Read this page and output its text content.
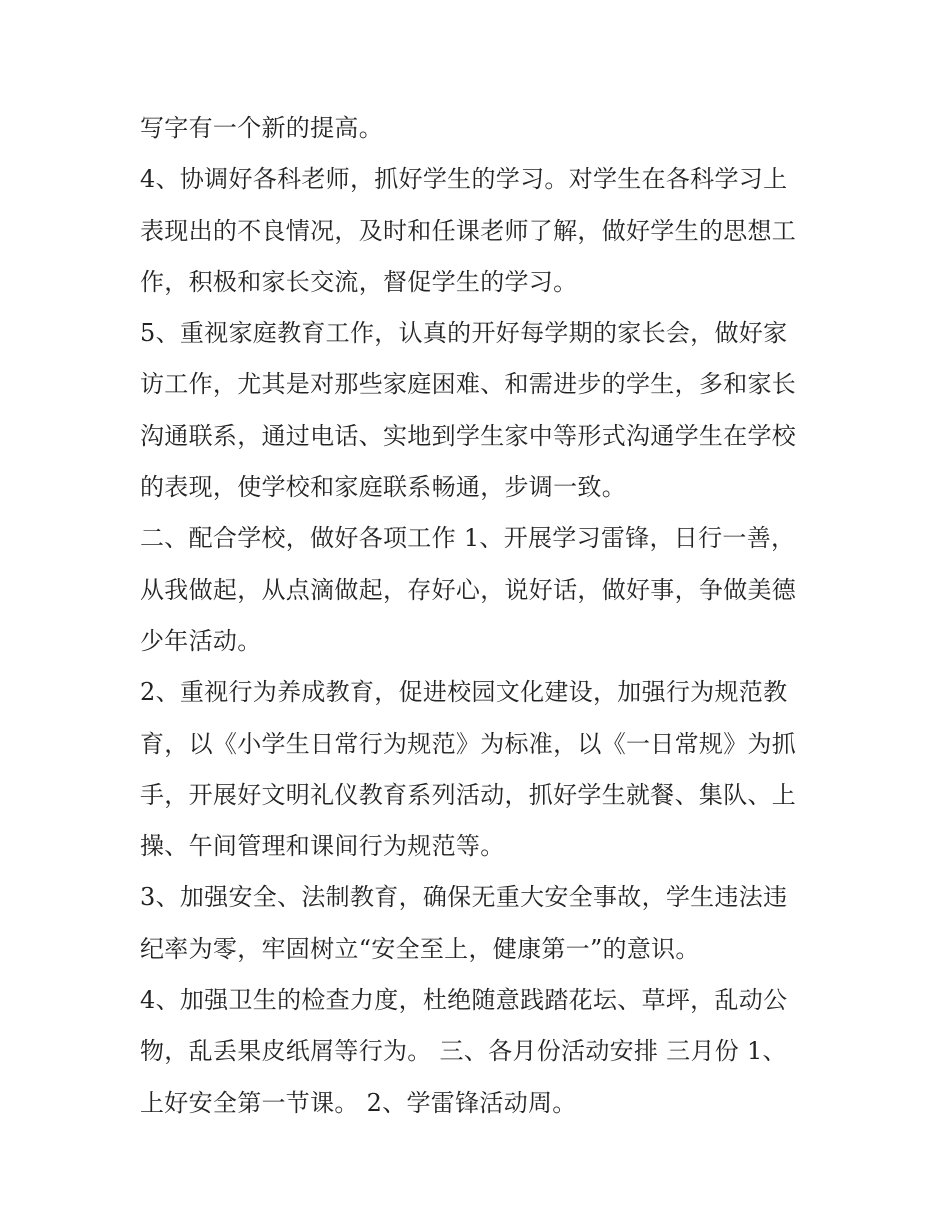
写字有一个新的提高。
4、协调好各科老师，抓好学生的学习。对学生在各科学习上
表现出的不良情况，及时和任课老师了解，做好学生的思想工
作，积极和家长交流，督促学生的学习。
5、重视家庭教育工作，认真的开好每学期的家长会，做好家
访工作，尤其是对那些家庭困难、和需进步的学生，多和家长
沟通联系，通过电话、实地到学生家中等形式沟通学生在学校
的表现，使学校和家庭联系畅通，步调一致。
二、配合学校，做好各项工作 1、开展学习雷锋，日行一善，
从我做起，从点滴做起，存好心，说好话，做好事，争做美德
少年活动。
2、重视行为养成教育，促进校园文化建设，加强行为规范教
育，以《小学生日常行为规范》为标准，以《一日常规》为抓
手，开展好文明礼仪教育系列活动，抓好学生就餐、集队、上
操、午间管理和课间行为规范等。
3、加强安全、法制教育，确保无重大安全事故，学生违法违
纪率为零，牢固树立“安全至上，健康第一”的意识。
4、加强卫生的检查力度，杜绝随意践踏花坛、草坪，乱动公
物，乱丢果皮纸屑等行为。 三、各月份活动安排 三月份 1、
上好安全第一节课。 2、学雷锋活动周。
